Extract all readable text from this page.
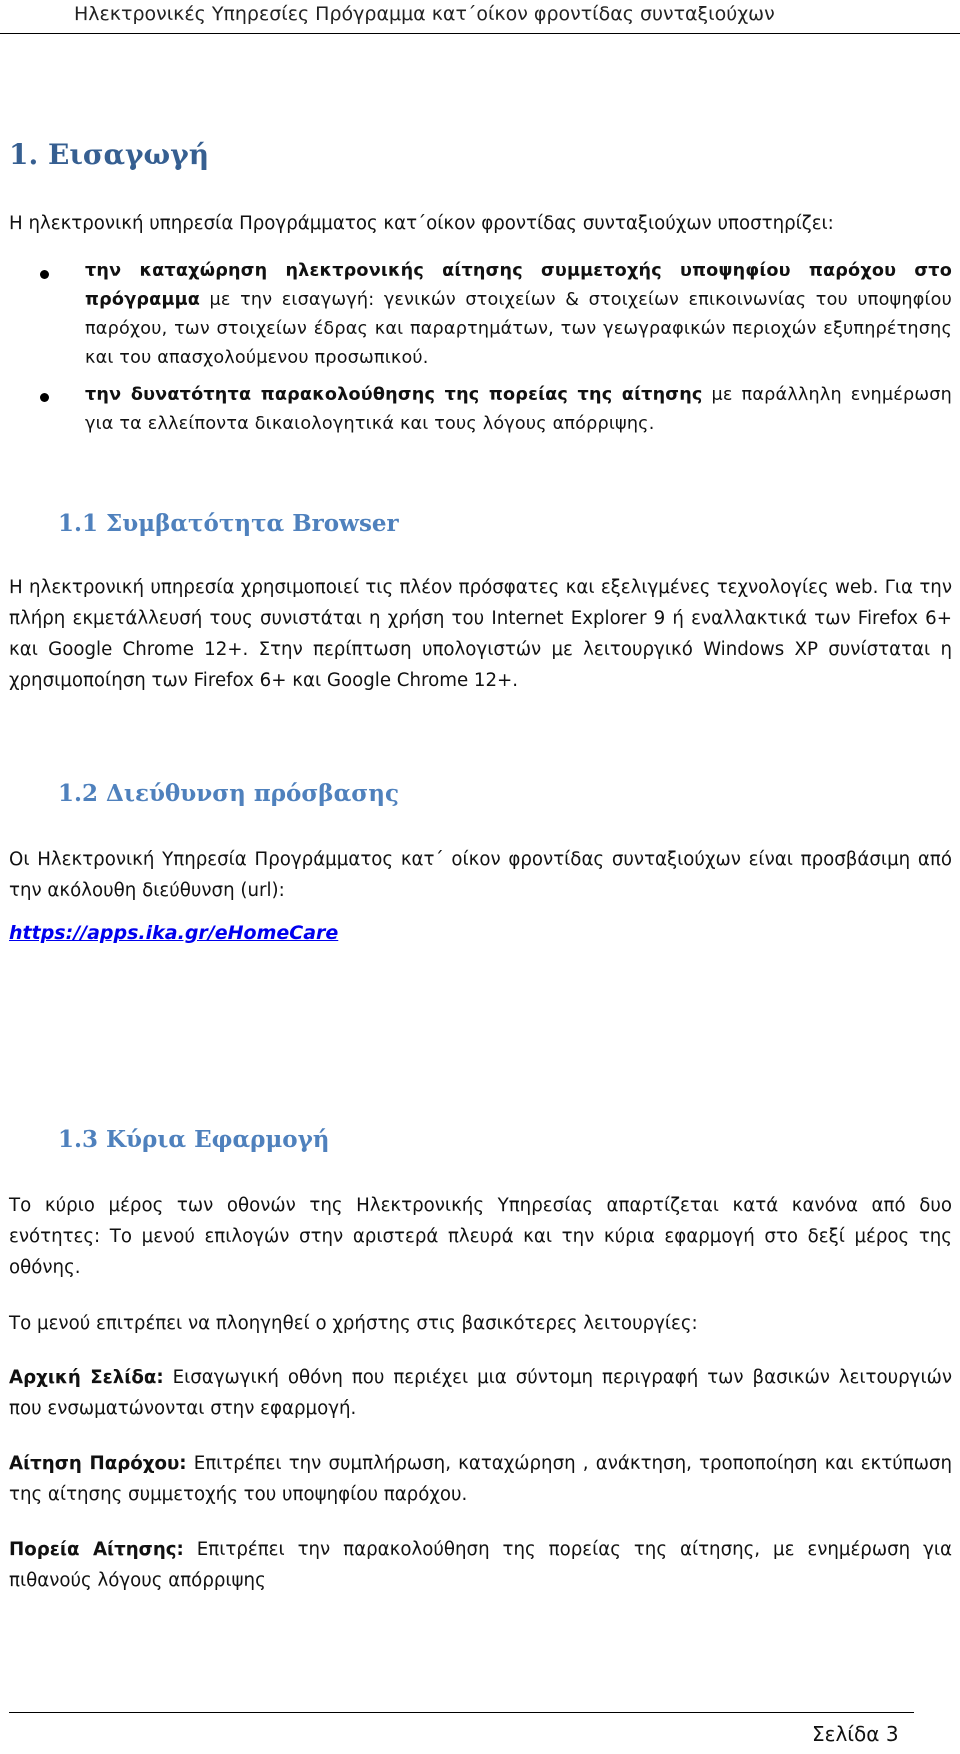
Ηλεκτρονικές Υπηρεσίες Πρόγραμμα κατ΄οίκον φροντίδας συνταξιούχων
1. Εισαγωγή
Η ηλεκτρονική υπηρεσία Προγράμματος κατ΄οίκον φροντίδας συνταξιούχων υποστηρίζει:
την καταχώρηση ηλεκτρονικής αίτησης συμμετοχής υποψηφίου παρόχου στο πρόγραμμα με την εισαγωγή: γενικών στοιχείων & στοιχείων επικοινωνίας του υποψηφίου παρόχου, των στοιχείων έδρας και παραρτημάτων, των γεωγραφικών περιοχών εξυπηρέτησης και του απασχολούμενου προσωπικού.
την δυνατότητα παρακολούθησης της πορείας της αίτησης με παράλληλη ενημέρωση για τα ελλείποντα δικαιολογητικά και τους λόγους απόρριψης.
1.1 Συμβατότητα Browser
Η ηλεκτρονική υπηρεσία χρησιμοποιεί τις πλέον πρόσφατες και εξελιγμένες τεχνολογίες web. Για την πλήρη εκμετάλλευσή τους συνιστάται η χρήση του Internet Explorer 9 ή εναλλακτικά των Firefox 6+ και Google Chrome 12+. Στην περίπτωση υπολογιστών με λειτουργικό Windows XP συνίσταται η χρησιμοποίηση των Firefox 6+ και Google Chrome 12+.
1.2 Διεύθυνση πρόσβασης
Οι Ηλεκτρονική Υπηρεσία Προγράμματος κατ΄ οίκον φροντίδας συνταξιούχων είναι προσβάσιμη από την ακόλουθη διεύθυνση (url):
https://apps.ika.gr/eHomeCare
1.3 Κύρια Εφαρμογή
Το κύριο μέρος των οθονών της Ηλεκτρονικής Υπηρεσίας απαρτίζεται κατά κανόνα από δυο ενότητες: Το μενού επιλογών στην αριστερά πλευρά και την κύρια εφαρμογή στο δεξί μέρος της οθόνης.
Το μενού επιτρέπει να πλοηγηθεί ο χρήστης στις βασικότερες λειτουργίες:
Αρχική Σελίδα: Εισαγωγική οθόνη που περιέχει μια σύντομη περιγραφή των βασικών λειτουργιών που ενσωματώνονται στην εφαρμογή.
Αίτηση Παρόχου: Επιτρέπει την συμπλήρωση, καταχώρηση , ανάκτηση, τροποποίηση και εκτύπωση της αίτησης συμμετοχής του υποψηφίου παρόχου.
Πορεία Αίτησης: Επιτρέπει την παρακολούθηση της πορείας της αίτησης, με ενημέρωση για πιθανούς λόγους απόρριψης
Σελίδα 3
